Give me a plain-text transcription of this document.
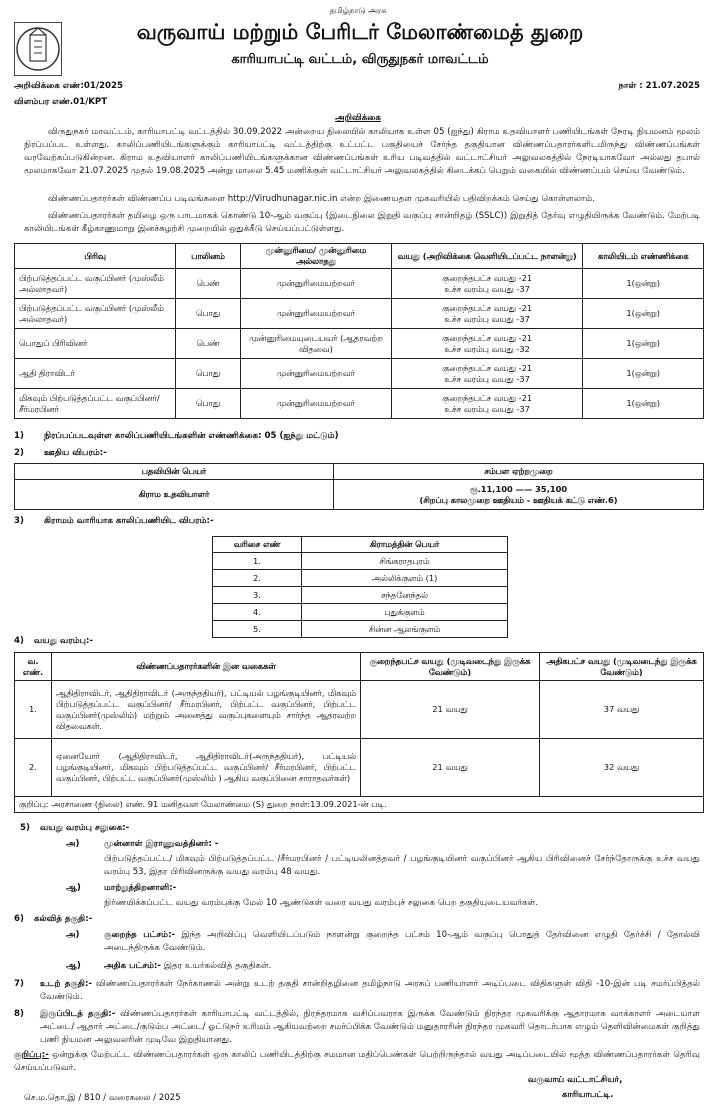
தமிழ்நாடு அரசு
வருவாய் மற்றும் பேரிடர் மேலாண்மைத் துறை
காரியாபட்டி வட்டம், விருதுநகர் மாவட்டம்
அறிவிக்கை எண்:01/2025
விளம்பர எண்.01/KPT
நாள் : 21.07.2025
அறிவிக்கை
விருதுநகர் மாவட்டம், காரியாபட்டி வட்டத்தில் 30.09.2022 அன்றைய நிலையில் காலியாக உள்ள 05 (ஐந்து) கிராம உதவியாளர் பணியிடங்கள் நேரடி நியமனம் மூலம் நிரப்பப்பட உள்ளது. காலிப்பணியிடங்களுக்கும் காரியாபட்டி வட்டத்திற்கு உட்பட்ட பகுதியைச் சேர்ந்த தகுதியான விண்ணப்பதாரர்களிடமிருந்து விண்ணப்பங்கள் வரவேற்கப்படுகின்றன. கிராம உதவியாளர் காலிப்பணியிடங்களுக்கான விண்ணப்பங்கள் உரிய படிவத்தில் வட்டாட்சியர் அலுவலகத்தில் நேரடியாகவோ அல்லது தபால் மூலமாகவோ 21.07.2025 முதல் 19.08.2025 அன்று மாலை 5.45 மணிக்குள் வட்டாட்சியர் அலுவலகத்தில் கிடைக்கப் பெறும் வகையில் விண்ணப்பம் செய்ய வேண்டும்.
விண்ணப்பதாரர்கள் விண்ணப்ப படிவங்களை http://Virudhunagar.nic.in என்ற இணையதள முகவரியில் பதிவிறக்கம் செய்து கொள்ளலாம்.
விண்ணப்பதாரர்கள் தமிழை ஒரு பாடமாகக் கொண்டு 10-ஆம் வகுப்பு (இடைநிலை இறுதி வகுப்பு சான்றிதழ் (SSLC)) இறுதித் தேர்வு எழுதியிருக்க வேண்டும். மேற்படி காலியிடங்கள் கீழ்காணுமாறு இனச்சுழற்சி முறையில் ஒதுக்கீடு செய்யப்பட்டுள்ளது.
பிரிவு	பாலினம்	முன்னுரிமை/ முன்னுரிமை அல்லாதது	வயது (அறிவிக்கை வெளியிடப்பட்ட நாளன்று)	காலியிடம் எண்ணிக்கை
பிற்படுத்தப்பட்ட வகுப்பினர் (முஸ்லீம் அல்லாதவர்)	பெண்	முன்னுரிமையற்றவர்	குறைந்தபட்ச வயது -21
உச்ச வரம்பு வயது -37	1(ஒன்று)
பிற்படுத்தப்பட்ட வகுப்பினர் (முஸ்லீம் அல்லாதவர்)	பொது	முன்னுரிமையற்றவர்	குறைந்தபட்ச வயது -21
உச்ச வரம்பு வயது -37	1(ஒன்று)
பொதுப் பிரிவினர்	பெண்	முன்னுரிமையுடையவர் (ஆதரவற்ற விதவை)	குறைந்தபட்ச வயது -21
உச்ச வரம்பு வயது -32	1(ஒன்று)
ஆதி திராவிடர்	பொது	முன்னுரிமையற்றவர்	குறைந்தபட்ச வயது -21
உச்ச வரம்பு வயது -37	1(ஒன்று)
மிகவும் பிற்படுத்தப்பட்ட வகுப்பினர்/ சீர்மரபினர்	பொது	முன்னுரிமையற்றவர்	குறைந்தபட்ச வயது -21
உச்ச வரம்பு வயது -37	1(ஒன்று)
1) நிரப்பப்படவுள்ள காலிப்பணியிடங்களின் எண்ணிக்கை: 05 (ஐந்து மட்டும்)
2) ஊதிய விபரம்:-
பதவியின் பெயர்	சம்பள ஏற்றமுறை
கிராம உதவியாளர்	ரூ.11,100 —— 35,100
(சிறப்பு காலமுறை ஊதியம் - ஊதியக் கட்டு எண்.6)
3) கிராமம் வாரியாக காலிப்பணியிட விபரம்:-
வரிசை எண்	கிராமத்தின் பெயர்
1.	சிங்கராதபுரம்
2.	அல்லிக்குளம் (1)
3.	சந்தனேந்தல்
4.	புதுக்குளம்
5.	சின்ன ஆலங்குளம்
4) வயது வரம்பு:-
வ. எண்.	விண்ணப்பதாரர்களின் இன வகைகள்	குறைந்தபட்ச வயது (முடிவடைந்து இருக்க வேண்டும்)	அதிகபட்ச வயது (முடிவடைந்து இருக்க வேண்டும்)
1.	ஆதிதிராவிடர், ஆதிதிராவிடர் (அருந்ததியர்), பட்டியல் பழங்குடியினர், மிகவும் பிற்படுத்தப்பட்ட வகுப்பினர்/ சீர்மரபினர், பிற்பட்ட வகுப்பினர், பிற்பட்ட வகுப்பினர்(முஸ்லிம்) மற்றும் அனைத்து வகுப்புகளையும் சார்ந்த ஆதரவற்ற விதவைகள்.	21 வயது	37 வயது
2.	ஏனையோர் (ஆதிதிராவிடர், ஆதிதிராவிடர்(அருந்ததியர்), பட்டியல் பழங்குடியினர், மிகவும் பிற்படுத்தப்பட்ட வகுப்பினர்/ சீர்மரபினர், பிற்பட்ட வகுப்பினர், பிற்பட்ட வகுப்பினர்(முஸ்லிம் ) ஆகிய வகுப்பினை சாராதவர்கள்)	21 வயது	32 வயது
குறிப்பு: அரசாணை (நிலை) எண். 91 மனிதவள மேலாண்மை (S) துறை நாள்:13.09.2021-ன் படி.			
5) வயது வரம்பு சலுகை:-
அ)	முன்னாள் இராணுவத்தினர்: -
பிற்படுத்தப்பட்ட/ மிகவும் பிற்படுத்தப்பட்ட /சீர்மரபினர் / பட்டியலினத்தவர் / பழங்குடியினர் வகுப்பினர் ஆகிய பிரிவினைச் சேர்ந்தோருக்கு உச்ச வயது வரம்பு 53, இதர பிரிவினருக்கு வயது வரம்பு 48 வயது.
ஆ)	மாற்றுத்திறனாளி:-
நிர்ணயிக்கப்பட்ட வயது வரம்புக்கு மேல் 10 ஆண்டுகள் வரை வயது வரம்புச் சலுகை பெற தகுதியுடையவர்கள்.
6) கல்வித் தகுதி:-
அ)	குறைந்த பட்சம்:- இந்த அறிவிப்பு வெளியிடப்படும் நாளன்று குறைந்த பட்சம் 10-ஆம் வகுப்பு பொதுத் தேர்வினை எழுதி தேர்ச்சி / தோல்வி அடைந்திருக்க வேண்டும்.
ஆ)	அதிக பட்சம்:- இதர உயர்கல்வித் தகுதிகள்.
7) உடற் தகுதி:- விண்ணப்பதாரர்கள் நேர்காணல் அன்று உடற் தகுதி சான்றிதழினை தமிழ்நாடு அரசுப் பணியாளர் அடிப்படை விதிகளுள் விதி -10-இன் படி சமர்ப்பித்தல் வேண்டும்.
8) இருப்பிடத் தகுதி:- விண்ணப்பதாரர்கள் காரியாபட்டி வட்டத்தில், நிரந்தரமாக வசிப்பவராக இருக்க வேண்டும் நிரந்தர முகவரிக்கு ஆதாரமாக வாக்காளர் அடையாள அட்டை/ ஆதார் அட்டை/குடும்ப அட்டை/ ஓட்டுநர் உரிமம் ஆகியவற்றை சமர்ப்பிக்க வேண்டும் மனுதாரரின் நிரந்தர முகவரி தொடர்பாக எழும் தெளிவின்மைகள் குறித்து பணி நியமன அலுவலரின் முடிவே இறுதியானது.
குறிப்பு:- ஒன்றுக்கு மேற்பட்ட விண்ணப்பதாரர்கள் ஒரு காலிப் பணியிடத்திற்கு சமமான மதிப்பெண்கள் பெற்றிருந்தால் வயது அடிப்படையில் மூத்த விண்ணப்பதாரர்கள் தெரிவு செய்யப்படுவர்.
வருவாய் வட்டாட்சியர்,
காரியாபட்டி.
செ.ம.தொ.இ / 810 / வரைகலை / 2025
